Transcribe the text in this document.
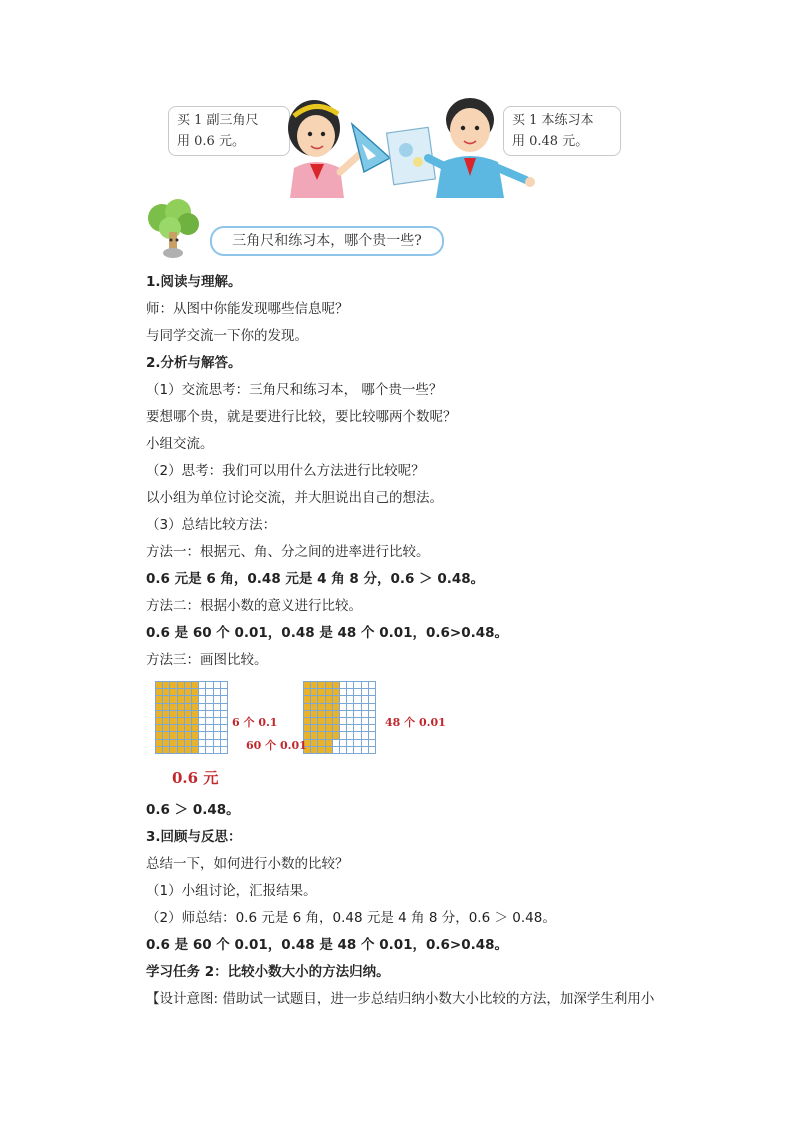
买 1 副三角尺
用 0.6 元。
买 1 本练习本
用 0.48 元。
三角尺和练习本，哪个贵一些?
1.阅读与理解。
师：从图中你能发现哪些信息呢？
与同学交流一下你的发现。
2.分析与解答。
（1）交流思考：三角尺和练习本， 哪个贵一些？
要想哪个贵，就是要进行比较，要比较哪两个数呢？
小组交流。
（2）思考：我们可以用什么方法进行比较呢？
以小组为单位讨论交流，并大胆说出自己的想法。
（3）总结比较方法：
方法一：根据元、角、分之间的进率进行比较。
0.6 元是 6 角，0.48 元是 4 角 8 分，0.6 ＞ 0.48。
方法二：根据小数的意义进行比较。
0.6 是 60 个 0.01，0.48 是 48 个 0.01，0.6>0.48。
方法三：画图比较。
6 个 0.1
60 个 0.01
48 个 0.01
0.6 元
0.6 ＞ 0.48。
3.回顾与反思：
总结一下，如何进行小数的比较？
（1）小组讨论，汇报结果。
（2）师总结：0.6 元是 6 角，0.48 元是 4 角 8 分，0.6 ＞ 0.48。
0.6 是 60 个 0.01，0.48 是 48 个 0.01，0.6>0.48。
学习任务 2：比较小数大小的方法归纳。
【设计意图: 借助试一试题目，进一步总结归纳小数大小比较的方法，加深学生利用小
